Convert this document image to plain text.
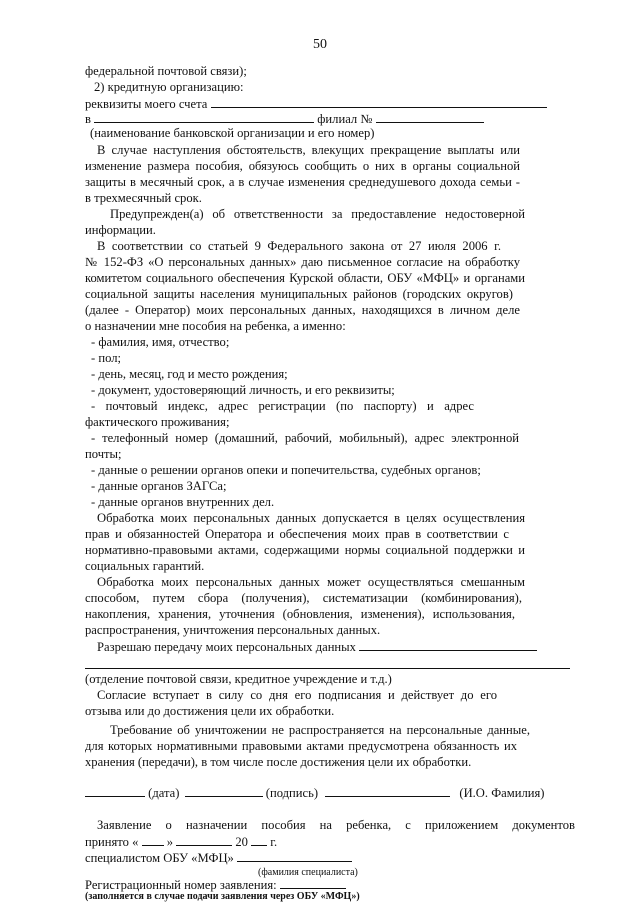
50
федеральной почтовой связи);
2) кредитную организацию:
реквизиты моего счета
в	филиал №
(наименование банковской организации и его номер)
В случае наступления обстоятельств, влекущих прекращение выплаты или
изменение размера пособия, обязуюсь сообщить о них в органы социальной
защиты в месячный срок, а в случае изменения среднедушевого дохода семьи -
в трехмесячный срок.
Предупрежден(а) об ответственности за предоставление недостоверной
информации.
В соответствии со статьей 9 Федерального закона от 27 июля 2006 г.
№ 152-ФЗ «О персональных данных» даю письменное согласие на обработку
комитетом социального обеспечения Курской области, ОБУ «МФЦ» и органами
социальной защиты населения муниципальных районов (городских округов)
(далее - Оператор) моих персональных данных, находящихся в личном деле
о назначении мне пособия на ребенка, а именно:
- фамилия, имя, отчество;
- пол;
- день, месяц, год и место рождения;
- документ, удостоверяющий личность, и его реквизиты;
- почтовый индекс, адрес регистрации (по паспорту) и адрес
фактического проживания;
- телефонный номер (домашний, рабочий, мобильный), адрес электронной
почты;
- данные о решении органов опеки и попечительства, судебных органов;
- данные органов ЗАГСа;
- данные органов внутренних дел.
Обработка моих персональных данных допускается в целях осуществления
прав и обязанностей Оператора и обеспечения моих прав в соответствии с
нормативно-правовыми актами, содержащими нормы социальной поддержки и
социальных гарантий.
Обработка моих персональных данных может осуществляться смешанным
способом, путем сбора (получения), систематизации (комбинирования),
накопления, хранения, уточнения (обновления, изменения), использования,
распространения, уничтожения персональных данных.
Разрешаю передачу моих персональных данных
(отделение почтовой связи, кредитное учреждение и т.д.)
Согласие вступает в силу со дня его подписания и действует до его
отзыва или до достижения цели их обработки.
Требование об уничтожении не распространяется на персональные данные,
для которых нормативными правовыми актами предусмотрена обязанность их
хранения (передачи), в том числе после достижения цели их обработки.
(дата)	(подпись)	(И.О. Фамилия)
Заявление о назначении пособия на ребенка, с приложением документов
принято « »	20 г.
специалистом ОБУ «МФЦ»
(фамилия специалиста)
Регистрационный номер заявления:
(заполняется в случае подачи заявления через ОБУ «МФЦ»)
